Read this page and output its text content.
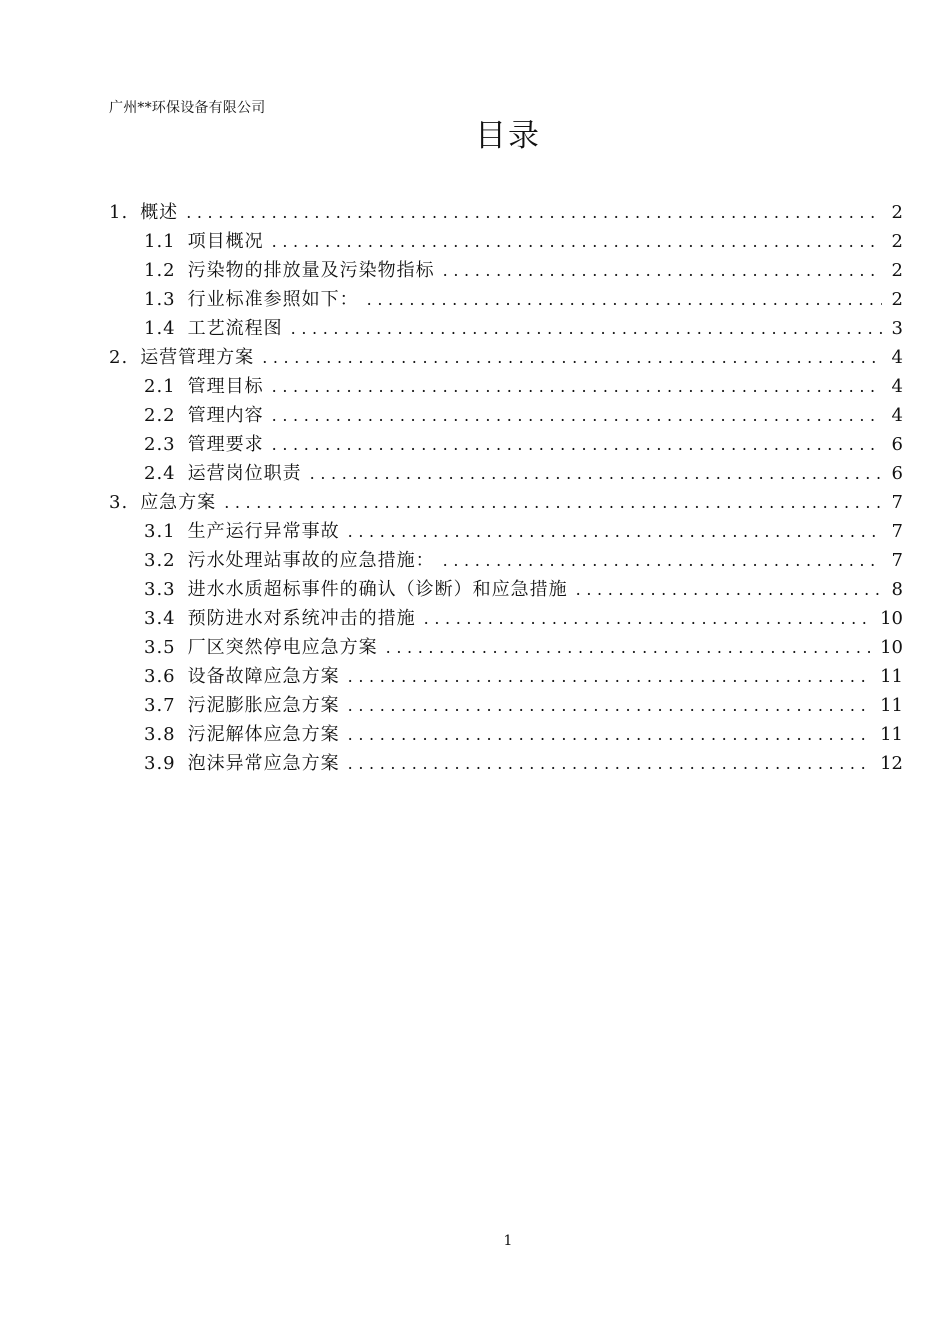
广州**环保设备有限公司
目录
1. 概述 .....	2
1.1 项目概况 .....	2
1.2 污染物的排放量及污染物指标 .....	2
1.3 行业标准参照如下： .....	2
1.4 工艺流程图 .....	3
2. 运营管理方案 .....	4
2.1 管理目标 .....	4
2.2 管理内容 .....	4
2.3 管理要求 .....	6
2.4 运营岗位职责 .....	6
3. 应急方案 .....	7
3.1 生产运行异常事故 .....	7
3.2 污水处理站事故的应急措施： .....	7
3.3 进水水质超标事件的确认（诊断）和应急措施 .....	8
3.4 预防进水对系统冲击的措施 .....	10
3.5 厂区突然停电应急方案 .....	10
3.6 设备故障应急方案 .....	11
3.7 污泥膨胀应急方案 .....	11
3.8 污泥解体应急方案 .....	11
3.9 泡沫异常应急方案 .....	12
1
